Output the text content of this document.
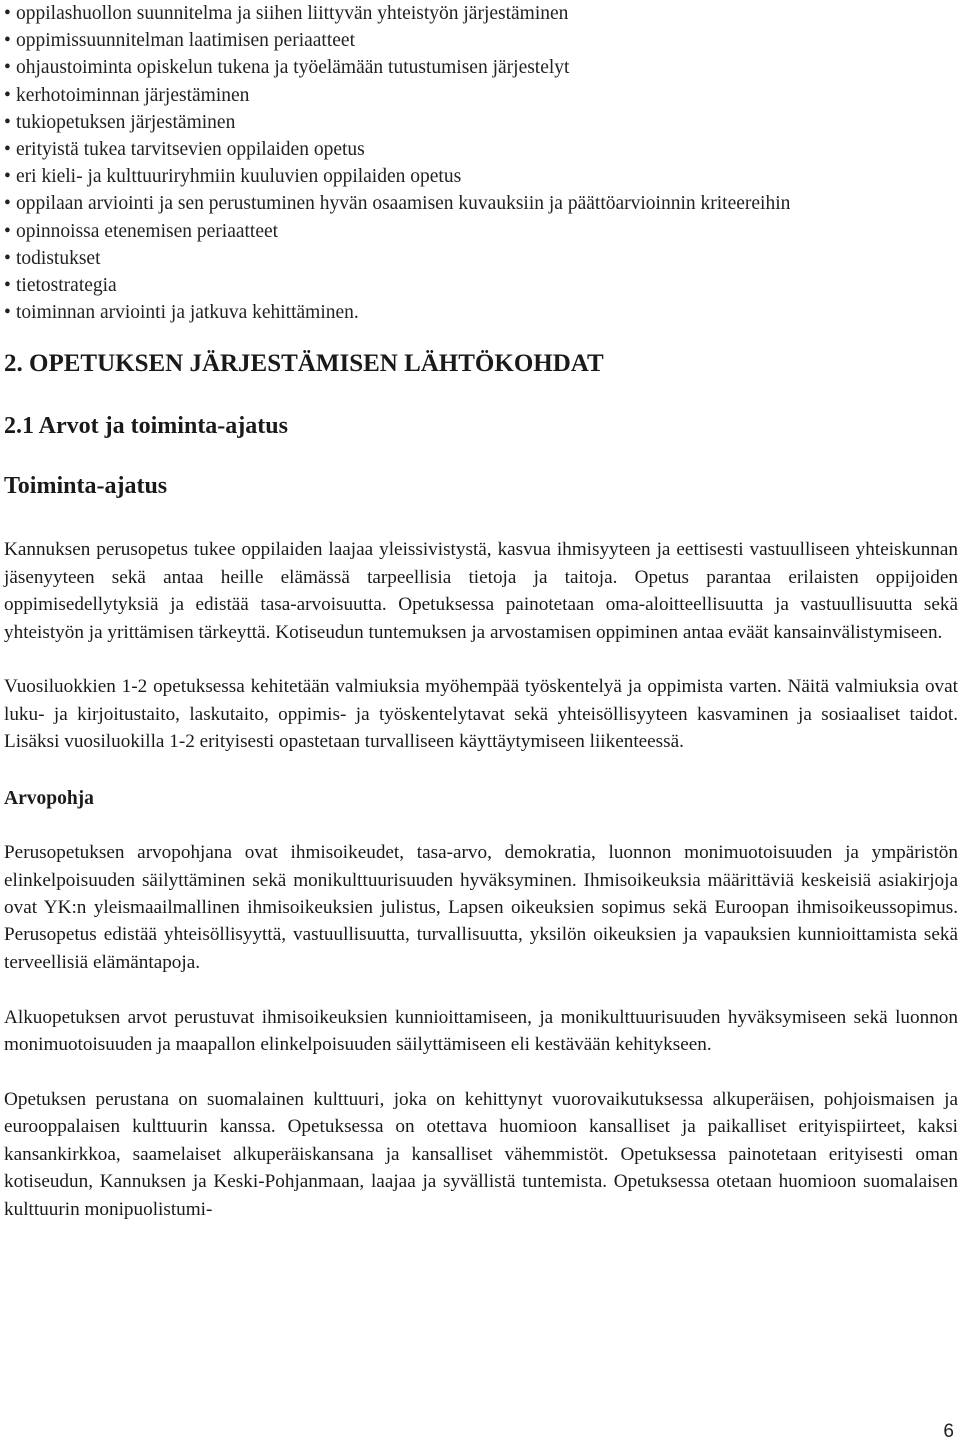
• oppilashuollon suunnitelma ja siihen liittyvän yhteistyön järjestäminen
• oppimissuunnitelman laatimisen periaatteet
• ohjaustoiminta opiskelun tukena ja työelämään tutustumisen järjestelyt
• kerhotoiminnan järjestäminen
• tukiopetuksen järjestäminen
• erityistä tukea tarvitsevien oppilaiden opetus
• eri kieli- ja kulttuuriryhmiin kuuluvien oppilaiden opetus
• oppilaan arviointi ja sen perustuminen hyvän osaamisen kuvauksiin ja päättöarvioinnin kriteereihin
• opinnoissa etenemisen periaatteet
• todistukset
• tietostrategia
• toiminnan arviointi ja jatkuva kehittäminen.
2. OPETUKSEN JÄRJESTÄMISEN LÄHTÖKOHDAT
2.1 Arvot ja toiminta-ajatus
Toiminta-ajatus

Kannuksen perusopetus tukee oppilaiden laajaa yleissivistystä, kasvua ihmisyyteen ja eettisesti vastuulliseen yhteiskunnan jäsenyyteen sekä antaa heille elämässä tarpeellisia tietoja ja taitoja. Opetus parantaa erilaisten oppijoiden oppimisedellytyksiä ja edistää tasa-arvoisuutta. Opetuksessa painotetaan oma-aloitteellisuutta ja vastuullisuutta sekä yhteistyön ja yrittämisen tärkeyttä. Kotiseudun tuntemuksen ja arvostamisen oppiminen antaa eväät kansainvälistymiseen.

Vuosiluokkien 1-2 opetuksessa kehitetään valmiuksia myöhempää työskentelyä ja oppimista varten. Näitä valmiuksia ovat luku- ja kirjoitustaito, laskutaito, oppimis- ja työskentelytavat sekä yhteisöllisyyteen kasvaminen ja sosiaaliset taidot. Lisäksi vuosiluokilla 1-2 erityisesti opastetaan turvalliseen käyttäytymiseen liikenteessä.

Arvopohja

Perusopetuksen arvopohjana ovat ihmisoikeudet, tasa-arvo, demokratia, luonnon monimuotoisuuden ja ympäristön elinkelpoisuuden säilyttäminen sekä monikulttuurisuuden hyväksyminen. Ihmisoikeuksia määrittäviä keskeisiä asiakirjoja ovat YK:n yleismaailmallinen ihmisoikeuksien julistus, Lapsen oikeuksien sopimus sekä Euroopan ihmisoikeussopimus. Perusopetus edistää yhteisöllisyyttä, vastuullisuutta, turvallisuutta, yksilön oikeuksien ja vapauksien kunnioittamista sekä terveellisiä elämäntapoja.

Alkuopetuksen arvot perustuvat ihmisoikeuksien kunnioittamiseen, ja monikulttuurisuuden hyväksymiseen sekä luonnon monimuotoisuuden ja maapallon elinkelpoisuuden säilyttämiseen eli kestävään kehitykseen.

Opetuksen perustana on suomalainen kulttuuri, joka on kehittynyt vuorovaikutuksessa alkuperäisen, pohjoismaisen ja eurooppalaisen kulttuurin kanssa. Opetuksessa on otettava huomioon kansalliset ja paikalliset erityispiirteet, kaksi kansankirkkoa, saamelaiset alkuperäiskansana ja kansalliset vähemmistöt. Opetuksessa painotetaan erityisesti oman kotiseudun, Kannuksen ja Keski-Pohjanmaan, laajaa ja syvällistä tuntemista. Opetuksessa otetaan huomioon suomalaisen kulttuurin monipuolistumi-

6
